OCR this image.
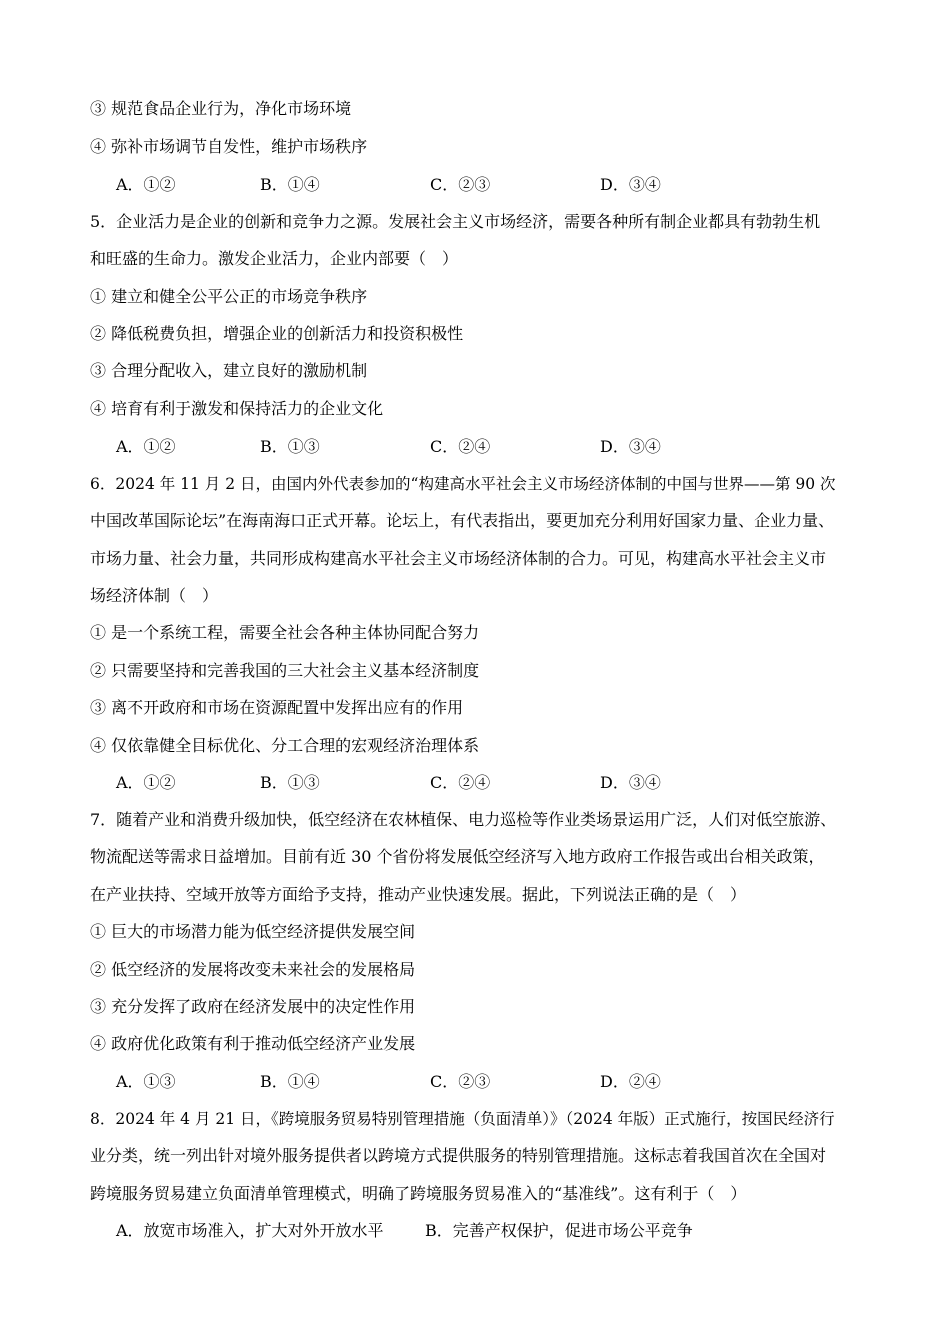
③ 规范食品企业行为，净化市场环境
④ 弥补市场调节自发性，维护市场秩序
A．①②	B．①④	C．②③	D．③④
5．企业活力是企业的创新和竞争力之源。发展社会主义市场经济，需要各种所有制企业都具有勃勃生机
和旺盛的生命力。激发企业活力，企业内部要（　）
① 建立和健全公平公正的市场竞争秩序
② 降低税费负担，增强企业的创新活力和投资积极性
③ 合理分配收入，建立良好的激励机制
④ 培育有利于激发和保持活力的企业文化
A．①②	B．①③	C．②④	D．③④
6．2024 年 11 月 2 日，由国内外代表参加的“构建高水平社会主义市场经济体制的中国与世界——第 90 次
中国改革国际论坛”在海南海口正式开幕。论坛上，有代表指出，要更加充分利用好国家力量、企业力量、
市场力量、社会力量，共同形成构建高水平社会主义市场经济体制的合力。可见，构建高水平社会主义市
场经济体制（　）
① 是一个系统工程，需要全社会各种主体协同配合努力
② 只需要坚持和完善我国的三大社会主义基本经济制度
③ 离不开政府和市场在资源配置中发挥出应有的作用
④ 仅依靠健全目标优化、分工合理的宏观经济治理体系
A．①②	B．①③	C．②④	D．③④
7．随着产业和消费升级加快，低空经济在农林植保、电力巡检等作业类场景运用广泛，人们对低空旅游、
物流配送等需求日益增加。目前有近 30 个省份将发展低空经济写入地方政府工作报告或出台相关政策，
在产业扶持、空域开放等方面给予支持，推动产业快速发展。据此，下列说法正确的是（　）
① 巨大的市场潜力能为低空经济提供发展空间
② 低空经济的发展将改变未来社会的发展格局
③ 充分发挥了政府在经济发展中的决定性作用
④ 政府优化政策有利于推动低空经济产业发展
A．①③	B．①④	C．②③	D．②④
8．2024 年 4 月 21 日，《跨境服务贸易特别管理措施（负面清单）》（2024 年版）正式施行，按国民经济行
业分类，统一列出针对境外服务提供者以跨境方式提供服务的特别管理措施。这标志着我国首次在全国对
跨境服务贸易建立负面清单管理模式，明确了跨境服务贸易准入的“基准线”。这有利于（　）
A．放宽市场准入，扩大对外开放水平	B．完善产权保护，促进市场公平竞争
